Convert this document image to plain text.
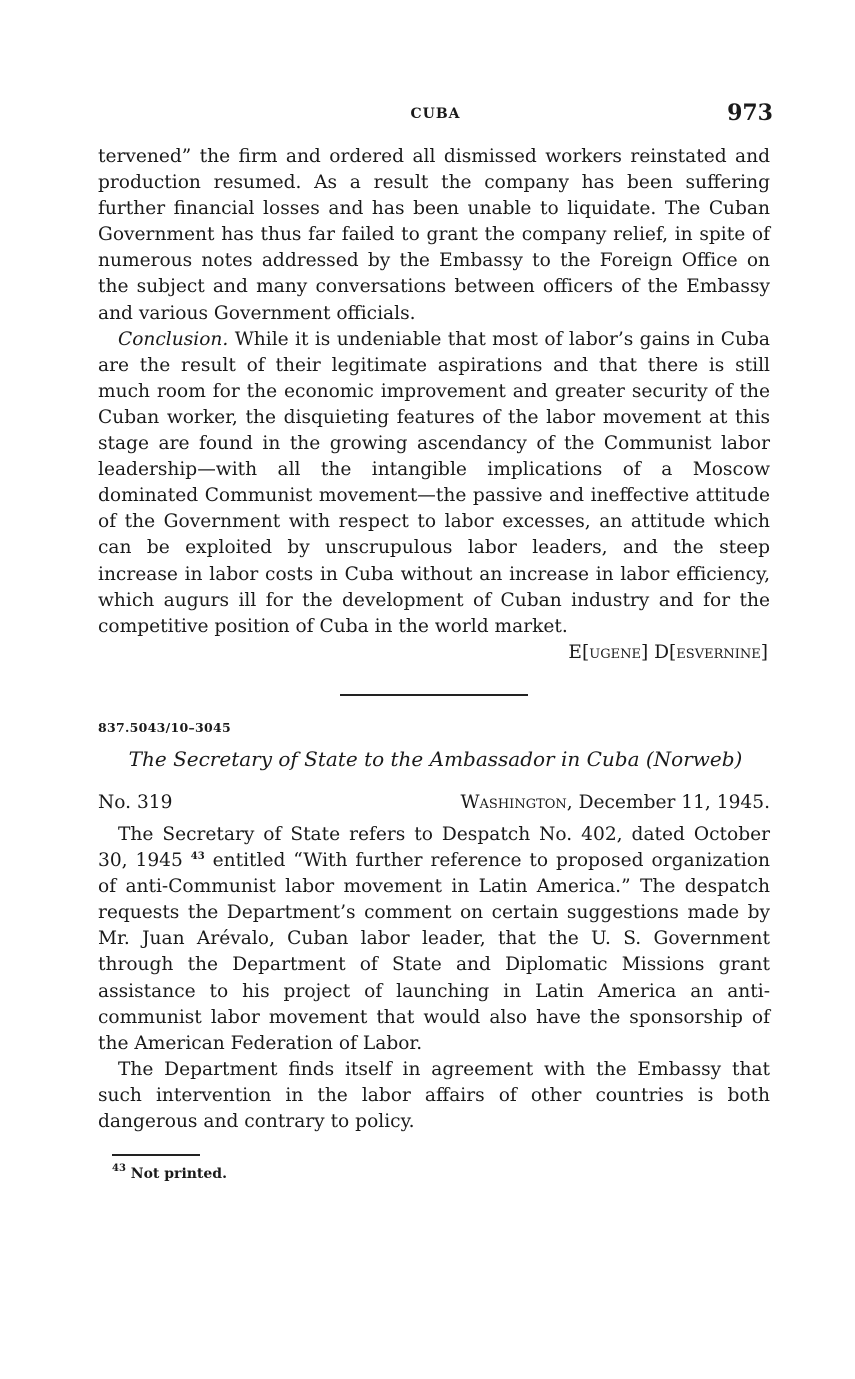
CUBA	973

tervened” the firm and ordered all dismissed workers reinstated and production resumed. As a result the company has been suffering further financial losses and has been unable to liquidate. The Cuban Government has thus far failed to grant the company relief, in spite of numerous notes addressed by the Embassy to the Foreign Office on the subject and many conversations between officers of the Embassy and various Government officials.

Conclusion. While it is undeniable that most of labor’s gains in Cuba are the result of their legitimate aspirations and that there is still much room for the economic improvement and greater security of the Cuban worker, the disquieting features of the labor movement at this stage are found in the growing ascendancy of the Communist labor leadership—with all the intangible implications of a Moscow dominated Communist movement—the passive and ineffective attitude of the Government with respect to labor excesses, an attitude which can be exploited by unscrupulous labor leaders, and the steep increase in labor costs in Cuba without an increase in labor efficiency, which augurs ill for the development of Cuban industry and for the competitive position of Cuba in the world market.

E[ugene] D[esvernine]
837.5043/10–3045
The Secretary of State to the Ambassador in Cuba (Norweb)
No. 319	Washington, December 11, 1945.

The Secretary of State refers to Despatch No. 402, dated October 30, 1945 $^{43}$ entitled “With further reference to proposed organization of anti-Communist labor movement in Latin America.” The despatch requests the Department’s comment on certain suggestions made by Mr. Juan Arévalo, Cuban labor leader, that the U. S. Government through the Department of State and Diplomatic Missions grant assistance to his project of launching in Latin America an anti-communist labor movement that would also have the sponsorship of the American Federation of Labor.

The Department finds itself in agreement with the Embassy that such intervention in the labor affairs of other countries is both dangerous and contrary to policy.

$^{43}$ Not printed.
